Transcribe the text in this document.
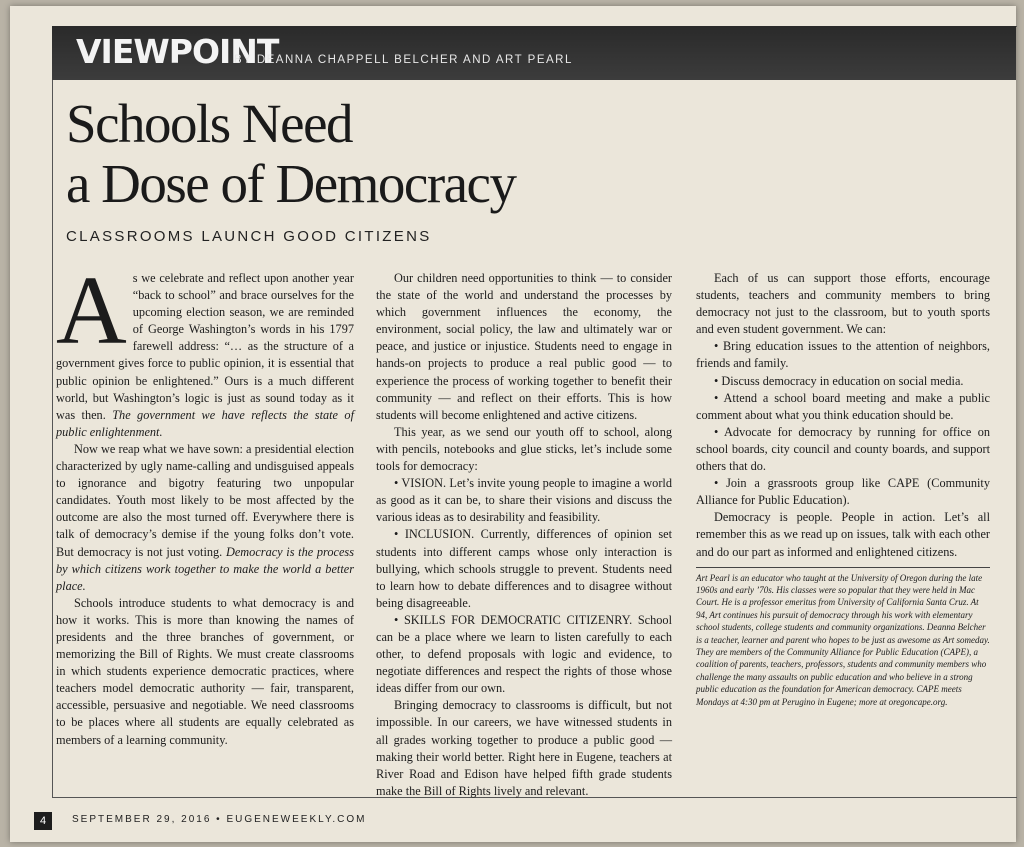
VIEWPOINT
BY DEANNA CHAPPELL BELCHER AND ART PEARL
Schools Need
a Dose of Democracy
CLASSROOMS LAUNCH GOOD CITIZENS

As we celebrate and reflect upon another year “back to school” and brace ourselves for the upcoming election season, we are reminded of George Washington’s words in his 1797 farewell address: “… as the structure of a government gives force to public opinion, it is essential that public opinion be enlightened.” Ours is a much different world, but Washington’s logic is just as sound today as it was then. The government we have reflects the state of public enlightenment.

Now we reap what we have sown: a presidential election characterized by ugly name-calling and undisguised appeals to ignorance and bigotry featuring two unpopular candidates. Youth most likely to be most affected by the outcome are also the most turned off. Everywhere there is talk of democracy’s demise if the young folks don’t vote. But democracy is not just voting. Democracy is the process by which citizens work together to make the world a better place.

Schools introduce students to what democracy is and how it works. This is more than knowing the names of presidents and the three branches of government, or memorizing the Bill of Rights. We must create classrooms in which students experience democratic practices, where teachers model democratic authority — fair, transparent, accessible, persuasive and negotiable. We need classrooms to be places where all students are equally celebrated as members of a learning community.

Our children need opportunities to think — to consider the state of the world and understand the processes by which government influences the economy, the environment, social policy, the law and ultimately war or peace, and justice or injustice. Students need to engage in hands-on projects to produce a real public good — to experience the process of working together to benefit their community — and reflect on their efforts. This is how students will become enlightened and active citizens.

This year, as we send our youth off to school, along with pencils, notebooks and glue sticks, let’s include some tools for democracy:

• VISION. Let’s invite young people to imagine a world as good as it can be, to share their visions and discuss the various ideas as to desirability and feasibility.

• INCLUSION. Currently, differences of opinion set students into different camps whose only interaction is bullying, which schools struggle to prevent. Students need to learn how to debate differences and to disagree without being disagreeable.

• SKILLS FOR DEMOCRATIC CITIZENRY. School can be a place where we learn to listen carefully to each other, to defend proposals with logic and evidence, to negotiate differences and respect the rights of those whose ideas differ from our own.

Bringing democracy to classrooms is difficult, but not impossible. In our careers, we have witnessed students in all grades working together to produce a public good — making their world better. Right here in Eugene, teachers at River Road and Edison have helped fifth grade students make the Bill of Rights lively and relevant.

Each of us can support those efforts, encourage students, teachers and community members to bring democracy not just to the classroom, but to youth sports and even student government. We can:

• Bring education issues to the attention of neighbors, friends and family.

• Discuss democracy in education on social media.

• Attend a school board meeting and make a public comment about what you think education should be.

• Advocate for democracy by running for office on school boards, city council and county boards, and support others that do.

• Join a grassroots group like CAPE (Community Alliance for Public Education).

Democracy is people. People in action. Let’s all remember this as we read up on issues, talk with each other and do our part as informed and enlightened citizens.

Art Pearl is an educator who taught at the University of Oregon during the late 1960s and early ’70s. His classes were so popular that they were held in Mac Court. He is a professor emeritus from University of California Santa Cruz. At 94, Art continues his pursuit of democracy through his work with elementary school students, college students and community organizations. Deanna Belcher is a teacher, learner and parent who hopes to be just as awesome as Art someday. They are members of the Community Alliance for Public Education (CAPE), a coalition of parents, teachers, professors, students and community members who challenge the many assaults on public education and who believe in a strong public education as the foundation for American democracy. CAPE meets Mondays at 4:30 pm at Perugino in Eugene; more at oregoncape.org.
4	SEPTEMBER 29, 2016 • EUGENEWEEKLY.COM
